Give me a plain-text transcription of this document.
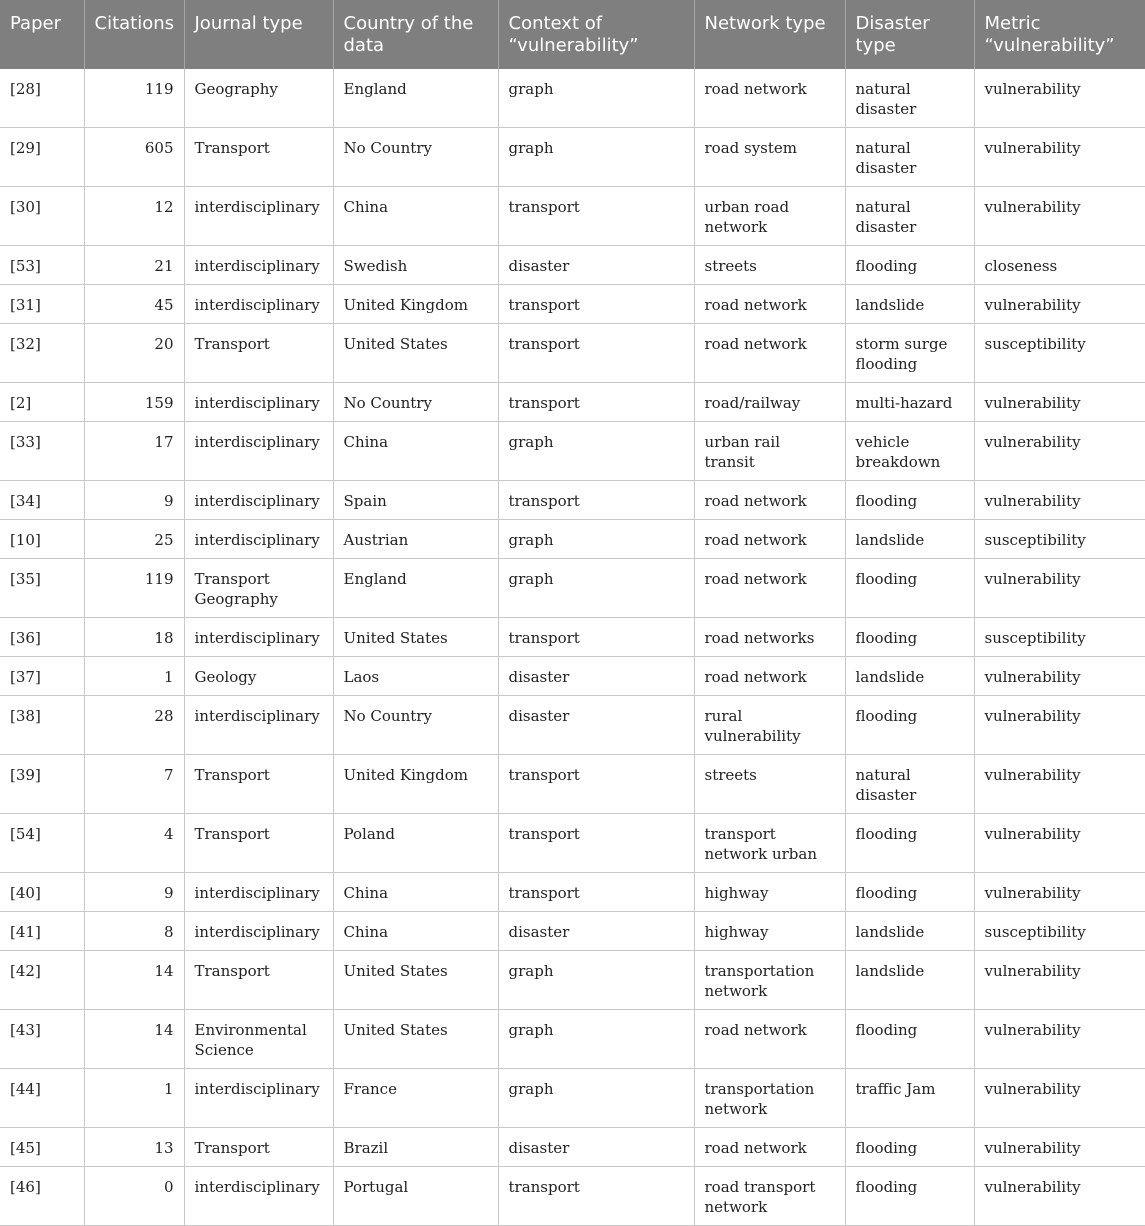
Paper	Citations	Journal type	Country of the data	Context of “vulnerability”	Network type	Disaster type	Metric “vulnerability”
[28]	119	Geography	England	graph	road network	natural disaster	vulnerability
[29]	605	Transport	No Country	graph	road system	natural disaster	vulnerability
[30]	12	interdisciplinary	China	transport	urban road network	natural disaster	vulnerability
[53]	21	interdisciplinary	Swedish	disaster	streets	flooding	closeness
[31]	45	interdisciplinary	United Kingdom	transport	road network	landslide	vulnerability
[32]	20	Transport	United States	transport	road network	storm surge flooding	susceptibility
[2]	159	interdisciplinary	No Country	transport	road/railway	multi-hazard	vulnerability
[33]	17	interdisciplinary	China	graph	urban rail transit	vehicle breakdown	vulnerability
[34]	9	interdisciplinary	Spain	transport	road network	flooding	vulnerability
[10]	25	interdisciplinary	Austrian	graph	road network	landslide	susceptibility
[35]	119	Transport Geography	England	graph	road network	flooding	vulnerability
[36]	18	interdisciplinary	United States	transport	road networks	flooding	susceptibility
[37]	1	Geology	Laos	disaster	road network	landslide	vulnerability
[38]	28	interdisciplinary	No Country	disaster	rural vulnerability	flooding	vulnerability
[39]	7	Transport	United Kingdom	transport	streets	natural disaster	vulnerability
[54]	4	Transport	Poland	transport	transport network urban	flooding	vulnerability
[40]	9	interdisciplinary	China	transport	highway	flooding	vulnerability
[41]	8	interdisciplinary	China	disaster	highway	landslide	susceptibility
[42]	14	Transport	United States	graph	transportation network	landslide	vulnerability
[43]	14	Environmental Science	United States	graph	road network	flooding	vulnerability
[44]	1	interdisciplinary	France	graph	transportation network	traffic Jam	vulnerability
[45]	13	Transport	Brazil	disaster	road network	flooding	vulnerability
[46]	0	interdisciplinary	Portugal	transport	road transport network	flooding	vulnerability
